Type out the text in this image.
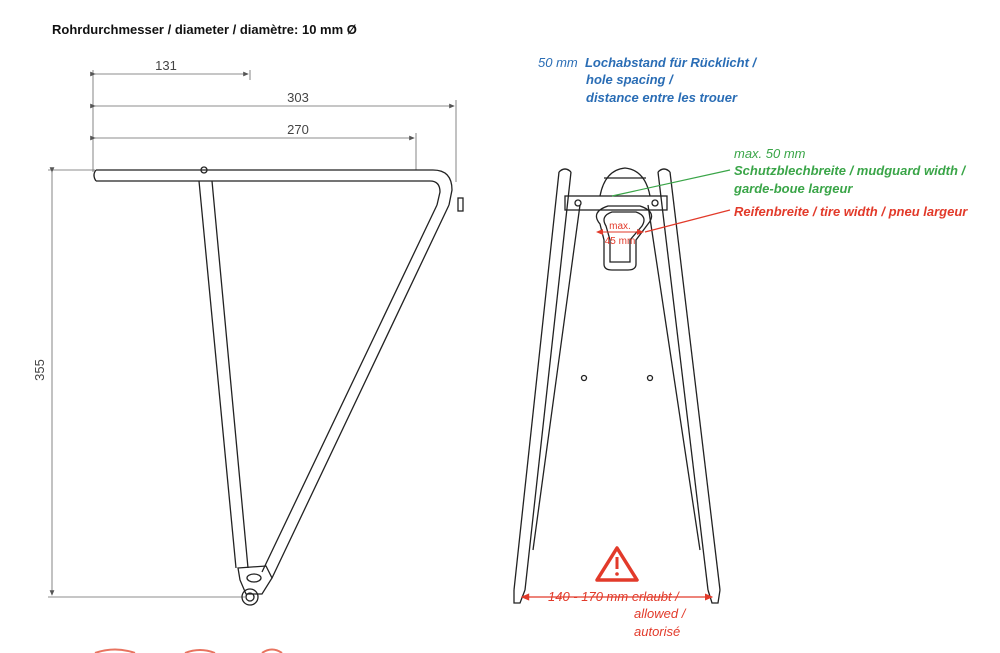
Rohrdurchmesser / diameter / diamètre: 10 mm Ø
131
303
270
355
max.
45 mm
50 mm Lochabstand für Rücklicht /
hole spacing /
distance entre les trouer
max. 50 mm
Schutzblechbreite / mudguard width /
garde-boue largeur
Reifenbreite / tire width / pneu largeur
140 - 170 mm erlaubt /
allowed /
autorisé
